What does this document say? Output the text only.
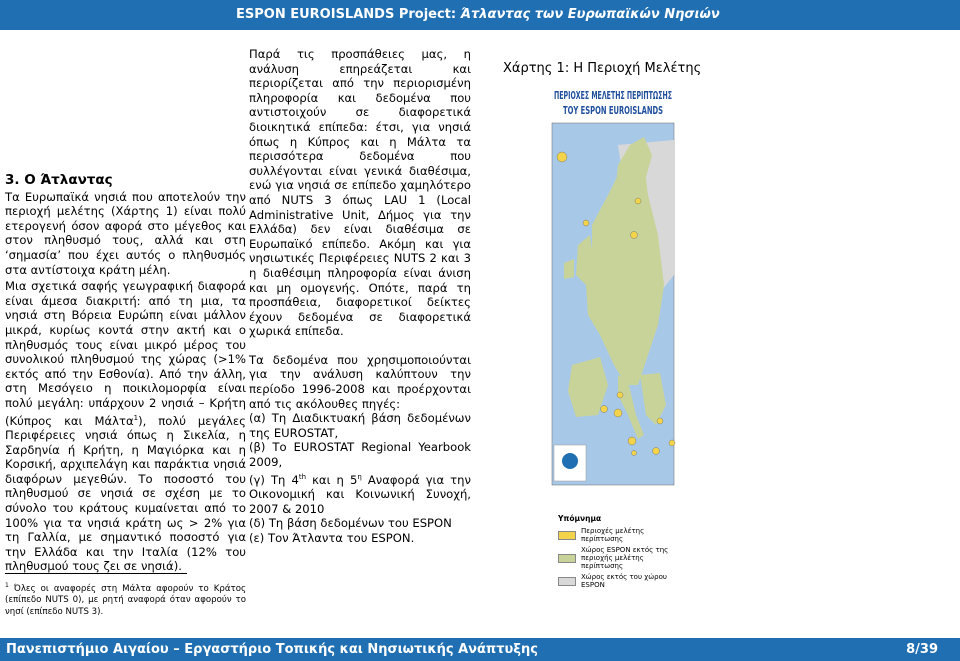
ESPON EUROISLANDS Project: Άτλαντας των Ευρωπαϊκών Νησιών
3. Ο Άτλαντας

Τα Ευρωπαϊκά νησιά που αποτελούν την περιοχή μελέτης (Χάρτης 1) είναι πολύ ετερογενή όσον αφορά στο μέγεθος και στον πληθυσμό τους, αλλά και στη ‘σημασία’ που έχει αυτός ο πληθυσμός στα αντίστοιχα κράτη μέλη.

Μια σχετικά σαφής γεωγραφική διαφορά είναι άμεσα διακριτή: από τη μια, τα νησιά στη Βόρεια Ευρώπη είναι μάλλον μικρά, κυρίως κοντά στην ακτή και ο πληθυσμός τους είναι μικρό μέρος του συνολικού πληθυσμού της χώρας (>1% εκτός από την Εσθονία). Από την άλλη, στη Μεσόγειο η ποικιλομορφία είναι πολύ μεγάλη: υπάρχουν 2 νησιά – Κρήτη (Κύπρος και Μάλτα$^1$), πολύ μεγάλες Περιφέρειες νησιά όπως η Σικελία, η Σαρδηνία ή Κρήτη, η Μαγιόρκα και η Κορσική, αρχιπελάγη και παράκτια νησιά διαφόρων μεγεθών. Το ποσοστό του πληθυσμού σε νησιά σε σχέση με το σύνολο του κράτους κυμαίνεται από το 100% για τα νησιά κράτη ως > 2% για τη Γαλλία, με σημαντικό ποσοστό για την Ελλάδα και την Ιταλία (12% του πληθυσμού τους ζει σε νησιά).

$^1$ Όλες οι αναφορές στη Μάλτα αφορούν το Κράτος (επίπεδο NUTS 0), με ρητή αναφορά όταν αφορούν το νησί (επίπεδο NUTS 3).

Παρά τις προσπάθειες μας, η ανάλυση επηρεάζεται και περιορίζεται από την περιορισμένη πληροφορία και δεδομένα που αντιστοιχούν σε διαφορετικά διοικητικά επίπεδα: έτσι, για νησιά όπως η Κύπρος και η Μάλτα τα περισσότερα δεδομένα που συλλέγονται είναι γενικά διαθέσιμα, ενώ για νησιά σε επίπεδο χαμηλότερο από NUTS 3 όπως LAU 1 (Local Administrative Unit, Δήμος για την Ελλάδα) δεν είναι διαθέσιμα σε Ευρωπαϊκό επίπεδο. Ακόμη και για νησιωτικές Περιφέρειες NUTS 2 και 3 η διαθέσιμη πληροφορία είναι άνιση και μη ομογενής. Οπότε, παρά τη προσπάθεια, διαφορετικοί δείκτες έχουν δεδομένα σε διαφορετικά χωρικά επίπεδα.

Τα δεδομένα που χρησιμοποιούνται για την ανάλυση καλύπτουν την περίοδο 1996-2008 και προέρχονται από τις ακόλουθες πηγές:
(α) Τη Διαδικτυακή βάση δεδομένων της EUROSTAT,
(β) Το EUROSTAT Regional Yearbook 2009,
(γ) Τη 4th και η $5^\eta$ Αναφορά για την Οικονομική και Κοινωνική Συνοχή, 2007 & 2010
(δ) Τη βάση δεδομένων του ESPON
(ε) Τον Άτλαντα του ESPON.
Χάρτης 1: Η Περιοχή Μελέτης
ΠΕΡΙΟΧΕΣ ΜΕΛΕΤΗΣ ΠΕΡΙΠΤΩΣΗΣ
ΤΟΥ ESPON EUROISLANDS
Υπόμνημα
Περιοχές μελέτης περίπτωσης
Χώρος ESPON εκτός της περιοχής μελέτης περίπτωσης
Χώρος εκτός του χώρου ESPON
Πανεπιστήμιο Αιγαίου – Εργαστήριο Τοπικής και Νησιωτικής Ανάπτυξης	8/39
